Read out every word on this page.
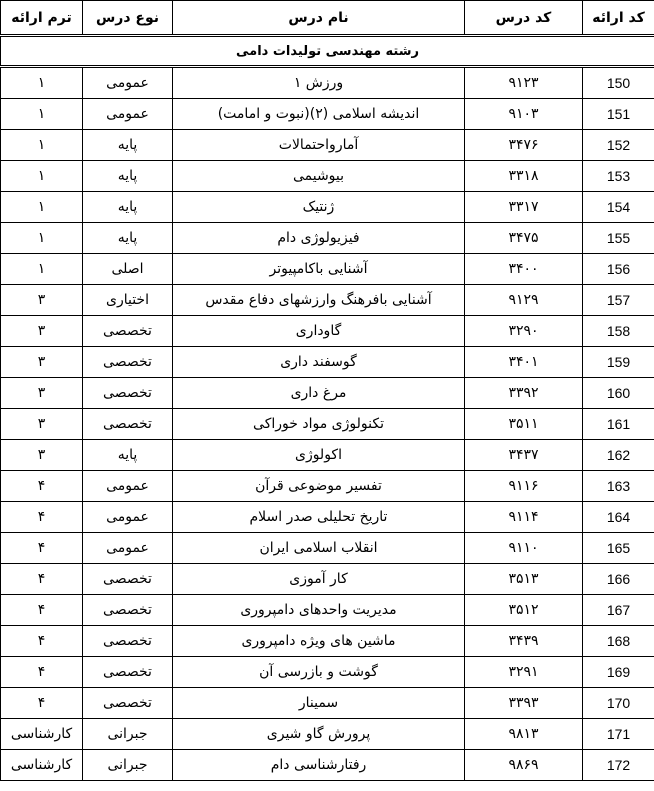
کد ارائه	کد درس	نام درس	نوع درس	ترم ارائه
رشته مهندسی تولیدات دامی				
150	۹۱۲۳	ورزش ۱	عمومی	۱
151	۹۱۰۳	اندیشه اسلامی (۲)(نبوت و امامت)	عمومی	۱
152	۳۴۷۶	آمارواحتمالات	پایه	۱
153	۳۳۱۸	بیوشیمی	پایه	۱
154	۳۳۱۷	ژنتیک	پایه	۱
155	۳۴۷۵	فیزیولوژی دام	پایه	۱
156	۳۴۰۰	آشنایی باکامپیوتر	اصلی	۱
157	۹۱۲۹	آشنایی بافرهنگ وارزشهای دفاع مقدس	اختیاری	۳
158	۳۲۹۰	گاوداری	تخصصی	۳
159	۳۴۰۱	گوسفند داری	تخصصی	۳
160	۳۳۹۲	مرغ داری	تخصصی	۳
161	۳۵۱۱	تکنولوژی مواد خوراکی	تخصصی	۳
162	۳۴۳۷	اکولوژی	پایه	۳
163	۹۱۱۶	تفسیر موضوعی قرآن	عمومی	۴
164	۹۱۱۴	تاریخ تحلیلی صدر اسلام	عمومی	۴
165	۹۱۱۰	انقلاب اسلامی ایران	عمومی	۴
166	۳۵۱۳	کار آموزی	تخصصی	۴
167	۳۵۱۲	مدیریت واحدهای دامپروری	تخصصی	۴
168	۳۴۳۹	ماشین های ویژه دامپروری	تخصصی	۴
169	۳۲۹۱	گوشت و بازرسی آن	تخصصی	۴
170	۳۳۹۳	سمینار	تخصصی	۴
171	۹۸۱۳	پرورش گاو شیری	جبرانی	کارشناسی
172	۹۸۶۹	رفتارشناسی دام	جبرانی	کارشناسی
